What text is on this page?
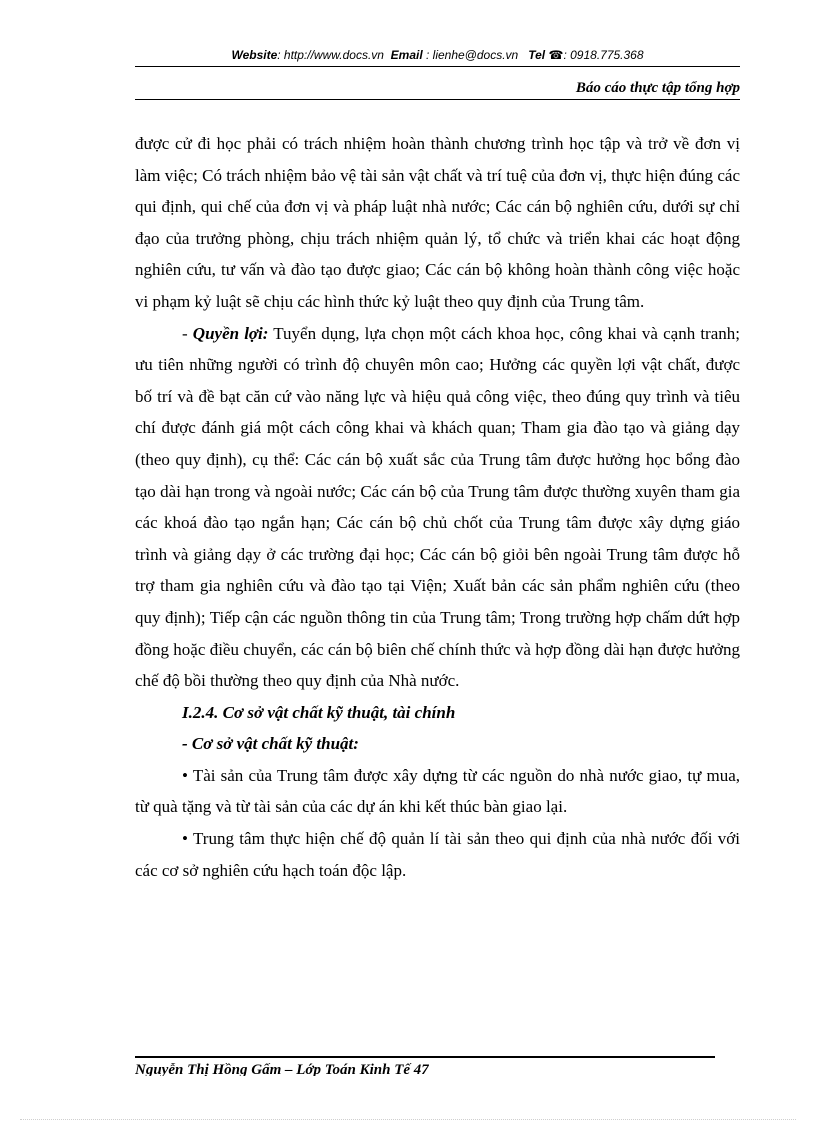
Website: http://www.docs.vn Email : lienhe@docs.vn Tel ☎: 0918.775.368
Báo cáo thực tập tổng hợp

được cử đi học phải có trách nhiệm hoàn thành chương trình học tập và trở về đơn vị làm việc; Có trách nhiệm bảo vệ tài sản vật chất và trí tuệ của đơn vị, thực hiện đúng các qui định, qui chế của đơn vị và pháp luật nhà nước; Các cán bộ nghiên cứu, dưới sự chỉ đạo của trưởng phòng, chịu trách nhiệm quản lý, tổ chức và triển khai các hoạt động nghiên cứu, tư vấn và đào tạo được giao; Các cán bộ không hoàn thành công việc hoặc vi phạm kỷ luật sẽ chịu các hình thức kỷ luật theo quy định của Trung tâm.

- Quyền lợi: Tuyển dụng, lựa chọn một cách khoa học, công khai và cạnh tranh; ưu tiên những người có trình độ chuyên môn cao; Hưởng các quyền lợi vật chất, được bố trí và đề bạt căn cứ vào năng lực và hiệu quả công việc, theo đúng quy trình và tiêu chí được đánh giá một cách công khai và khách quan; Tham gia đào tạo và giảng dạy (theo quy định), cụ thể: Các cán bộ xuất sắc của Trung tâm được hưởng học bổng đào tạo dài hạn trong và ngoài nước; Các cán bộ của Trung tâm được thường xuyên tham gia các khoá đào tạo ngắn hạn; Các cán bộ chủ chốt của Trung tâm được xây dựng giáo trình và giảng dạy ở các trường đại học; Các cán bộ giỏi bên ngoài Trung tâm được hỗ trợ tham gia nghiên cứu và đào tạo tại Viện; Xuất bản các sản phẩm nghiên cứu (theo quy định); Tiếp cận các nguồn thông tin của Trung tâm; Trong trường hợp chấm dứt hợp đồng hoặc điều chuyển, các cán bộ biên chế chính thức và hợp đồng dài hạn được hưởng chế độ bồi thường theo quy định của Nhà nước.

I.2.4. Cơ sở vật chất kỹ thuật, tài chính

- Cơ sở vật chất kỹ thuật:

• Tài sản của Trung tâm được xây dựng từ các nguồn do nhà nước giao, tự mua, từ quà tặng và từ tài sản của các dự án khi kết thúc bàn giao lại.

• Trung tâm thực hiện chế độ quản lí tài sản theo qui định của nhà nước đối với các cơ sở nghiên cứu hạch toán độc lập.

Nguyễn Thị Hồng Gấm – Lớp Toán Kinh Tế 47
